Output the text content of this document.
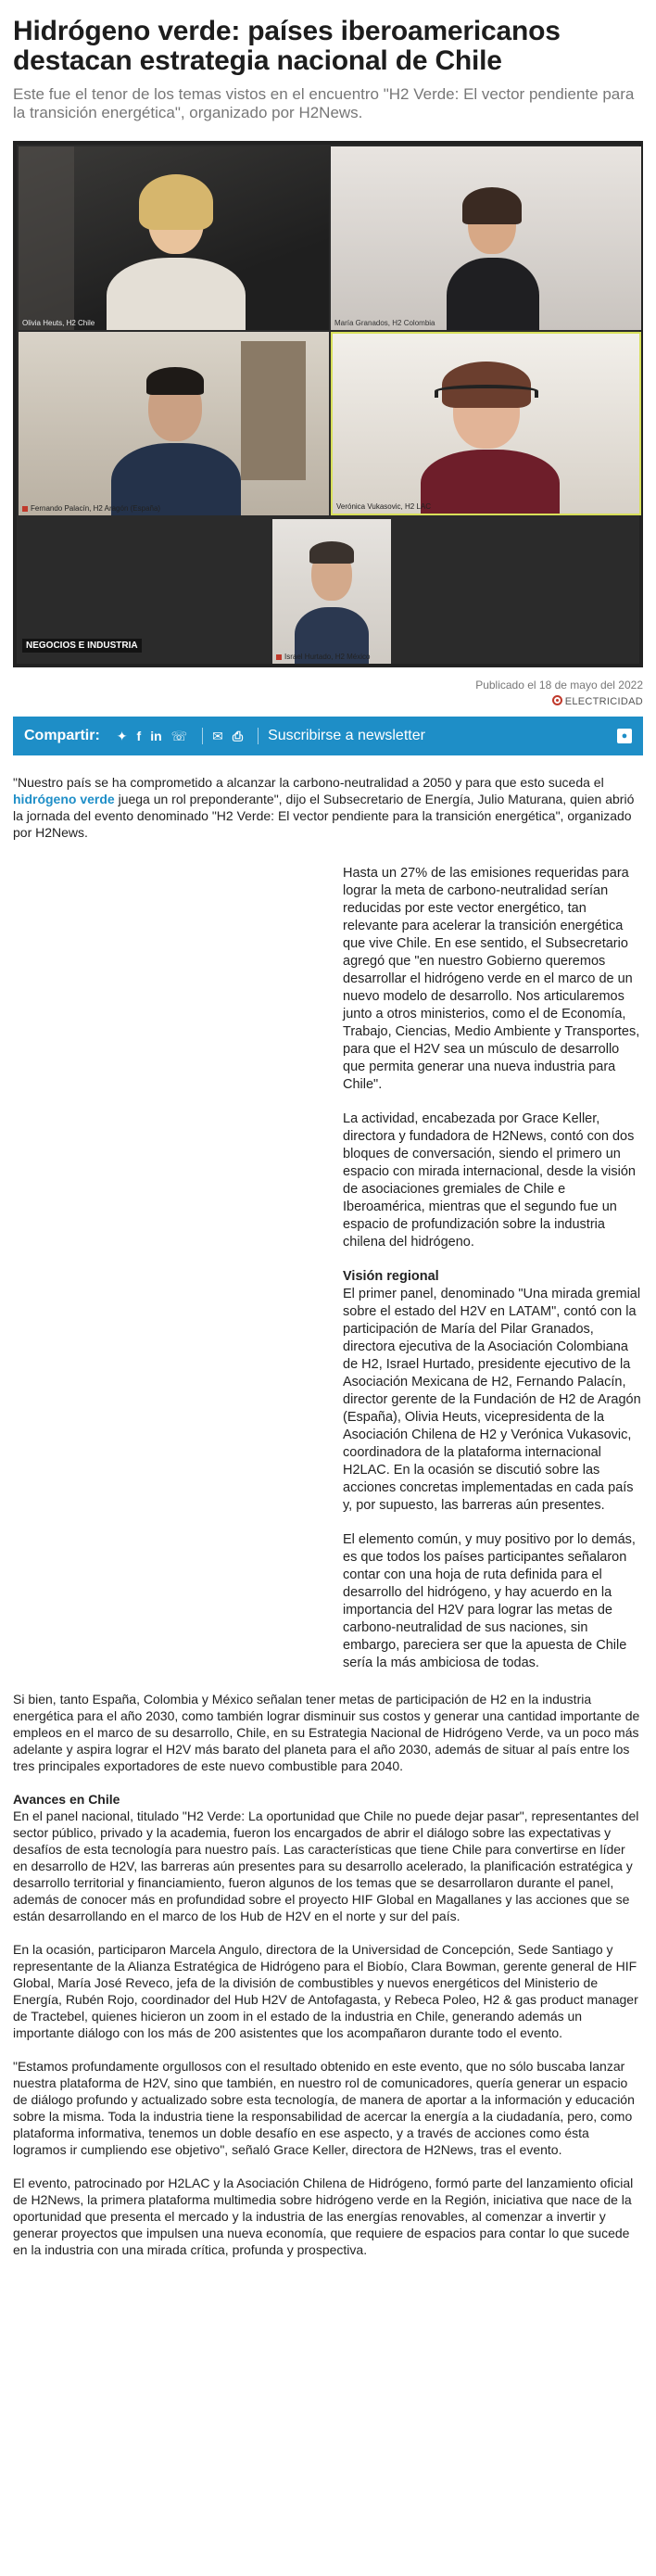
Hidrógeno verde: países iberoamericanos destacan estrategia nacional de Chile

Este fue el tenor de los temas vistos en el encuentro "H2 Verde: El vector pendiente para la transición energética", organizado por H2News.

Olivia Heuts, H2 Chile	María Granados, H2 Colombia
Fernando Palacín, H2 Aragón (España)	Verónica Vukasovic, H2 LAC
Israel Hurtado, H2 México
NEGOCIOS E INDUSTRIA
Publicado el 18 de mayo del 2022
ELECTRICIDAD
Compartir: ✦ f in ☏ ✉ ⎙ Suscribirse a newsletter	●

"Nuestro país se ha comprometido a alcanzar la carbono-neutralidad a 2050 y para que esto suceda el hidrógeno verde juega un rol preponderante", dijo el Subsecretario de Energía, Julio Maturana, quien abrió la jornada del evento denominado "H2 Verde: El vector pendiente para la transición energética", organizado por H2News.

Hasta un 27% de las emisiones requeridas para lograr la meta de carbono-neutralidad serían reducidas por este vector energético, tan relevante para acelerar la transición energética que vive Chile. En ese sentido, el Subsecretario agregó que "en nuestro Gobierno queremos desarrollar el hidrógeno verde en el marco de un nuevo modelo de desarrollo. Nos articularemos junto a otros ministerios, como el de Economía, Trabajo, Ciencias, Medio Ambiente y Transportes, para que el H2V sea un músculo de desarrollo que permita generar una nueva industria para Chile".

La actividad, encabezada por Grace Keller, directora y fundadora de H2News, contó con dos bloques de conversación, siendo el primero un espacio con mirada internacional, desde la visión de asociaciones gremiales de Chile e Iberoamérica, mientras que el segundo fue un espacio de profundización sobre la industria chilena del hidrógeno.

Visión regional
El primer panel, denominado "Una mirada gremial sobre el estado del H2V en LATAM", contó con la participación de María del Pilar Granados, directora ejecutiva de la Asociación Colombiana de H2, Israel Hurtado, presidente ejecutivo de la Asociación Mexicana de H2, Fernando Palacín, director gerente de la Fundación de H2 de Aragón (España), Olivia Heuts, vicepresidenta de la Asociación Chilena de H2 y Verónica Vukasovic, coordinadora de la plataforma internacional H2LAC. En la ocasión se discutió sobre las acciones concretas implementadas en cada país y, por supuesto, las barreras aún presentes.

El elemento común, y muy positivo por lo demás, es que todos los países participantes señalaron contar con una hoja de ruta definida para el desarrollo del hidrógeno, y hay acuerdo en la importancia del H2V para lograr las metas de carbono-neutralidad de sus naciones, sin embargo, pareciera ser que la apuesta de Chile sería la más ambiciosa de todas.

Si bien, tanto España, Colombia y México señalan tener metas de participación de H2 en la industria energética para el año 2030, como también lograr disminuir sus costos y generar una cantidad importante de empleos en el marco de su desarrollo, Chile, en su Estrategia Nacional de Hidrógeno Verde, va un poco más adelante y aspira lograr el H2V más barato del planeta para el año 2030, además de situar al país entre los tres principales exportadores de este nuevo combustible para 2040.

Avances en Chile
En el panel nacional, titulado "H2 Verde: La oportunidad que Chile no puede dejar pasar", representantes del sector público, privado y la academia, fueron los encargados de abrir el diálogo sobre las expectativas y desafíos de esta tecnología para nuestro país. Las características que tiene Chile para convertirse en líder en desarrollo de H2V, las barreras aún presentes para su desarrollo acelerado, la planificación estratégica y desarrollo territorial y financiamiento, fueron algunos de los temas que se desarrollaron durante el panel, además de conocer más en profundidad sobre el proyecto HIF Global en Magallanes y las acciones que se están desarrollando en el marco de los Hub de H2V en el norte y sur del país.

En la ocasión, participaron Marcela Angulo, directora de la Universidad de Concepción, Sede Santiago y representante de la Alianza Estratégica de Hidrógeno para el Biobío, Clara Bowman, gerente general de HIF Global, María José Reveco, jefa de la división de combustibles y nuevos energéticos del Ministerio de Energía, Rubén Rojo, coordinador del Hub H2V de Antofagasta, y Rebeca Poleo, H2 & gas product manager de Tractebel, quienes hicieron un zoom in el estado de la industria en Chile, generando además un importante diálogo con los más de 200 asistentes que los acompañaron durante todo el evento.

"Estamos profundamente orgullosos con el resultado obtenido en este evento, que no sólo buscaba lanzar nuestra plataforma de H2V, sino que también, en nuestro rol de comunicadores, quería generar un espacio de diálogo profundo y actualizado sobre esta tecnología, de manera de aportar a la información y educación sobre la misma. Toda la industria tiene la responsabilidad de acercar la energía a la ciudadanía, pero, como plataforma informativa, tenemos un doble desafío en ese aspecto, y a través de acciones como ésta logramos ir cumpliendo ese objetivo", señaló Grace Keller, directora de H2News, tras el evento.

El evento, patrocinado por H2LAC y la Asociación Chilena de Hidrógeno, formó parte del lanzamiento oficial de H2News, la primera plataforma multimedia sobre hidrógeno verde en la Región, iniciativa que nace de la oportunidad que presenta el mercado y la industria de las energías renovables, al comenzar a invertir y generar proyectos que impulsen una nueva economía, que requiere de espacios para contar lo que sucede en la industria con una mirada crítica, profunda y prospectiva.
